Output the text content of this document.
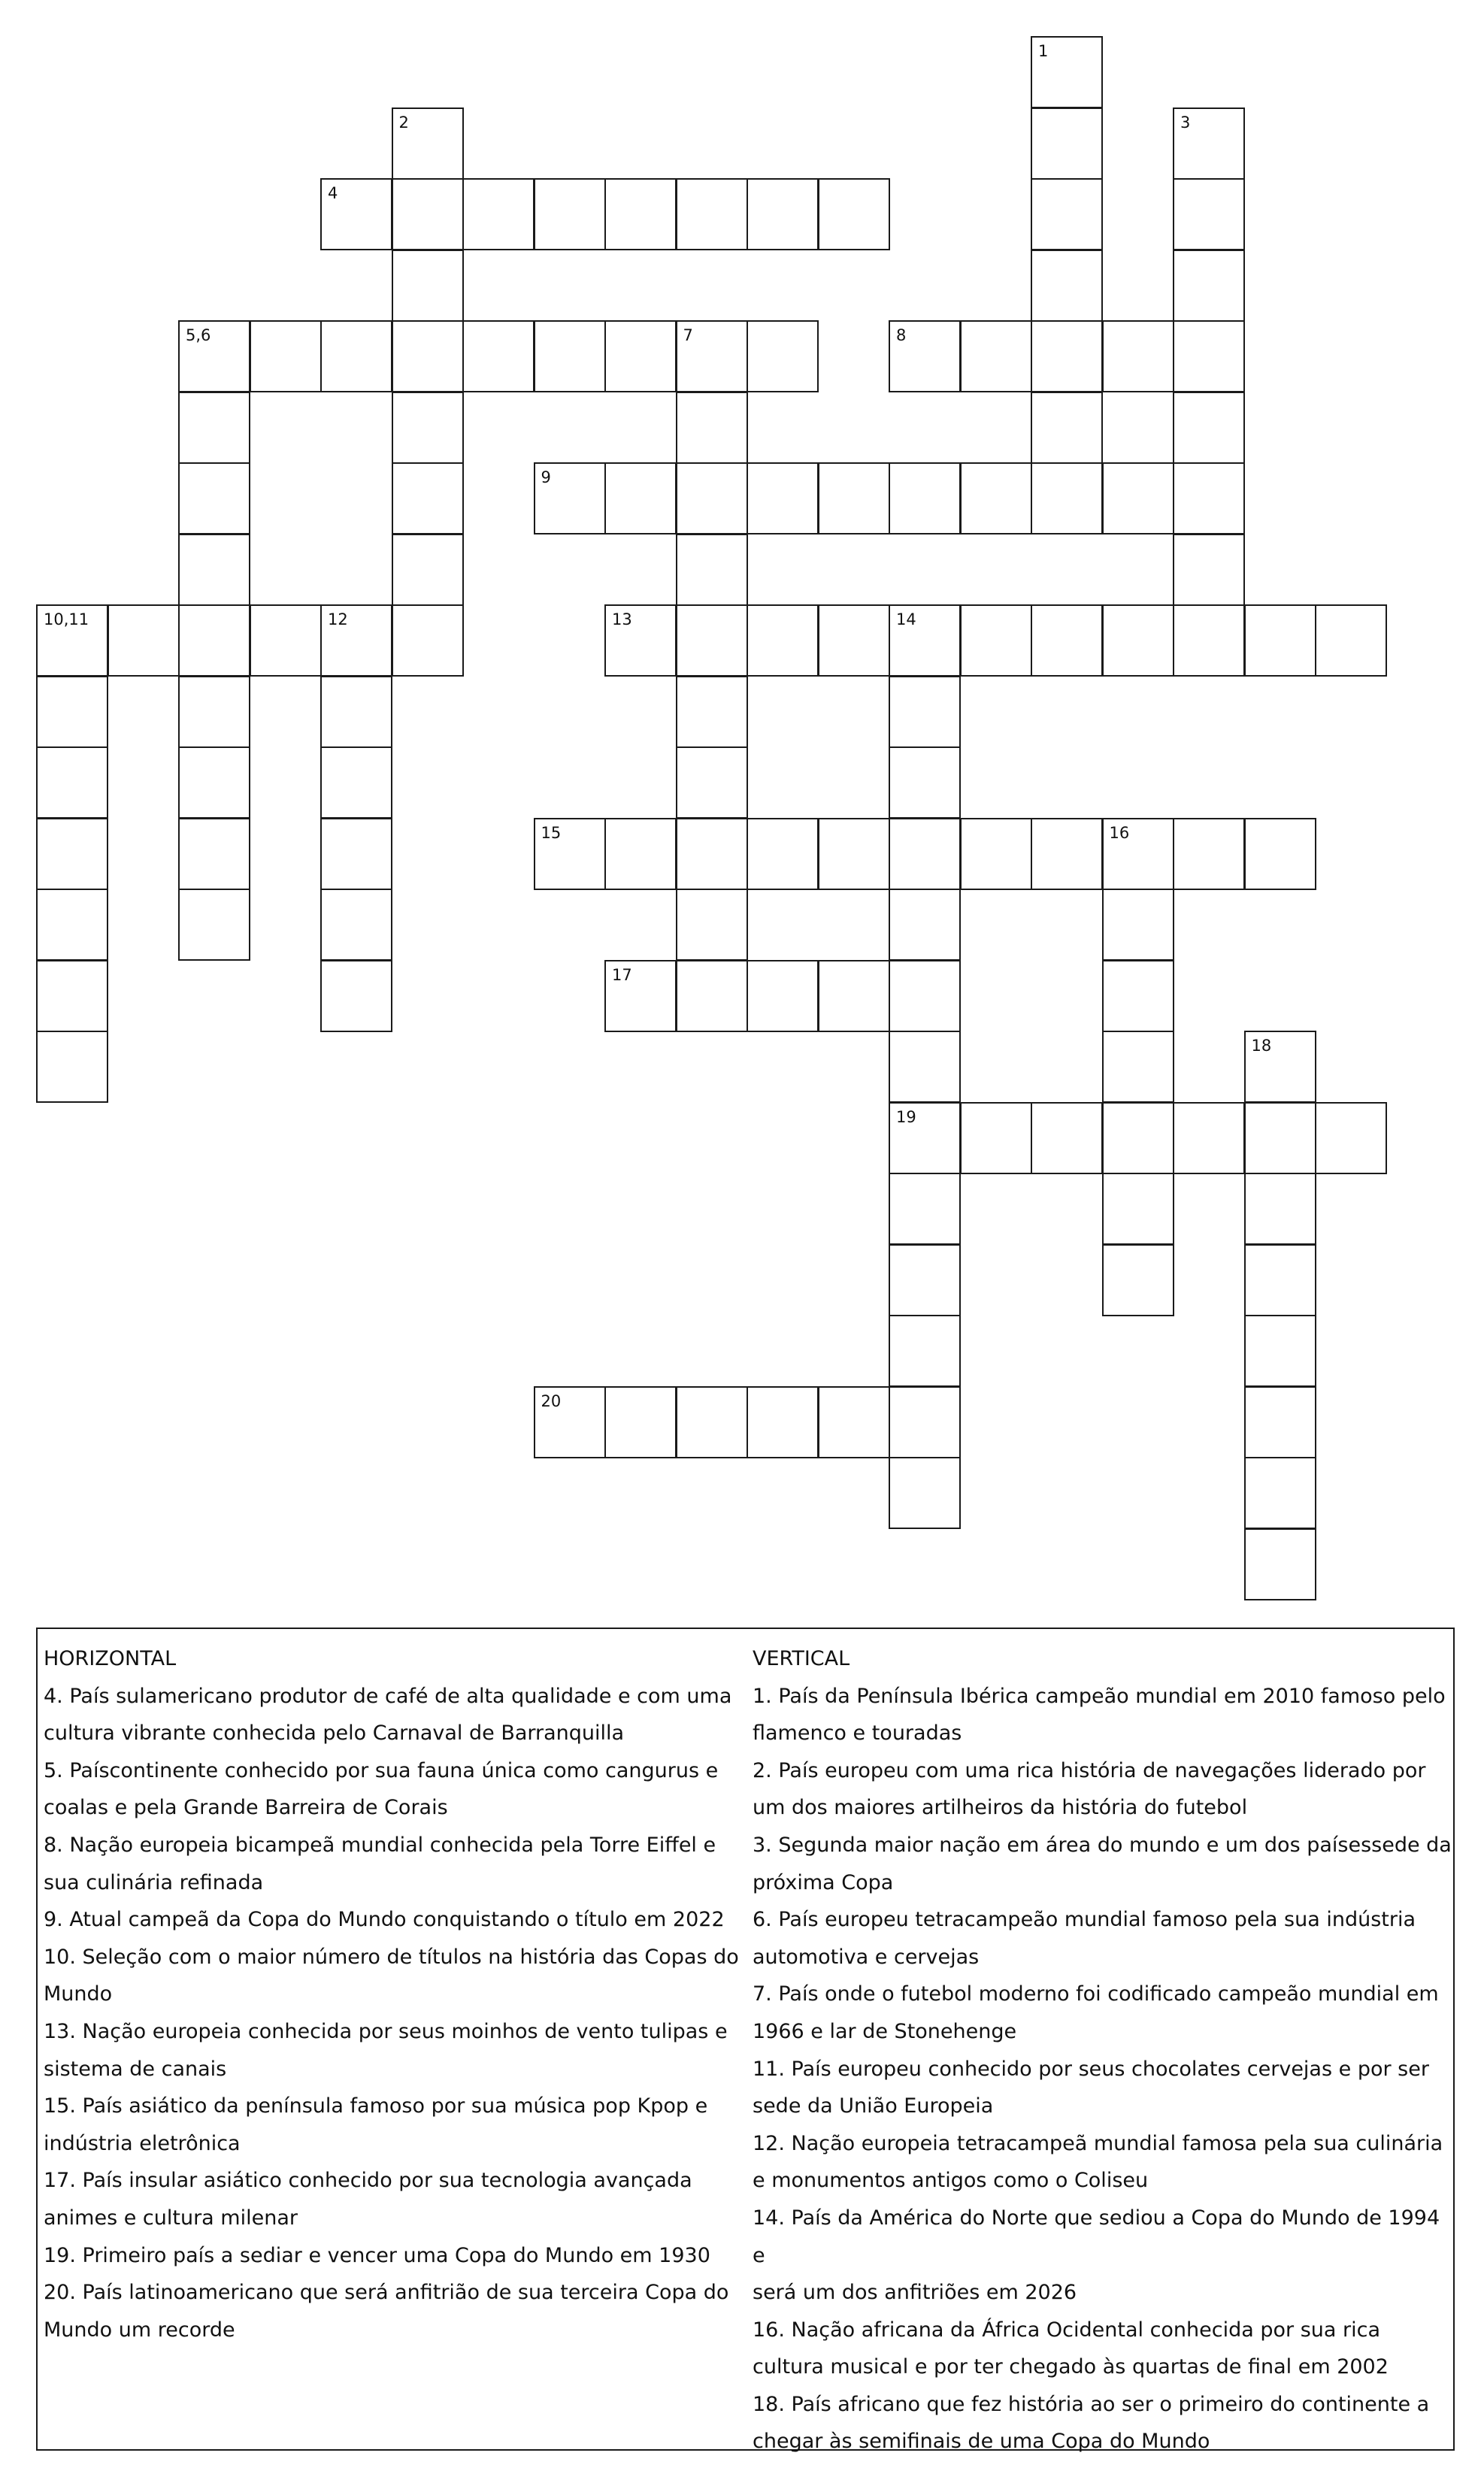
1
2	3
4
5,6	7	8
9
10,11	12	13	14
15	16
17
18
19
20
HORIZONTAL

4. País sulamericano produtor de café de alta qualidade e com uma

cultura vibrante conhecida pelo Carnaval de Barranquilla

5. Paíscontinente conhecido por sua fauna única como cangurus e

coalas e pela Grande Barreira de Corais

8. Nação europeia bicampeã mundial conhecida pela Torre Eiffel e

sua culinária refinada

9. Atual campeã da Copa do Mundo conquistando o título em 2022

10. Seleção com o maior número de títulos na história das Copas do

Mundo

13. Nação europeia conhecida por seus moinhos de vento tulipas e

sistema de canais

15. País asiático da península famoso por sua música pop Kpop e

indústria eletrônica

17. País insular asiático conhecido por sua tecnologia avançada

animes e cultura milenar

19. Primeiro país a sediar e vencer uma Copa do Mundo em 1930

20. País latinoamericano que será anfitrião de sua terceira Copa do

Mundo um recorde

VERTICAL

1. País da Península Ibérica campeão mundial em 2010 famoso pelo

flamenco e touradas

2. País europeu com uma rica história de navegações liderado por

um dos maiores artilheiros da história do futebol

3. Segunda maior nação em área do mundo e um dos paísessede da

próxima Copa

6. País europeu tetracampeão mundial famoso pela sua indústria

automotiva e cervejas

7. País onde o futebol moderno foi codificado campeão mundial em

1966 e lar de Stonehenge

11. País europeu conhecido por seus chocolates cervejas e por ser

sede da União Europeia

12. Nação europeia tetracampeã mundial famosa pela sua culinária

e monumentos antigos como o Coliseu

14. País da América do Norte que sediou a Copa do Mundo de 1994 e

será um dos anfitriões em 2026

16. Nação africana da África Ocidental conhecida por sua rica

cultura musical e por ter chegado às quartas de final em 2002

18. País africano que fez história ao ser o primeiro do continente a

chegar às semifinais de uma Copa do Mundo
